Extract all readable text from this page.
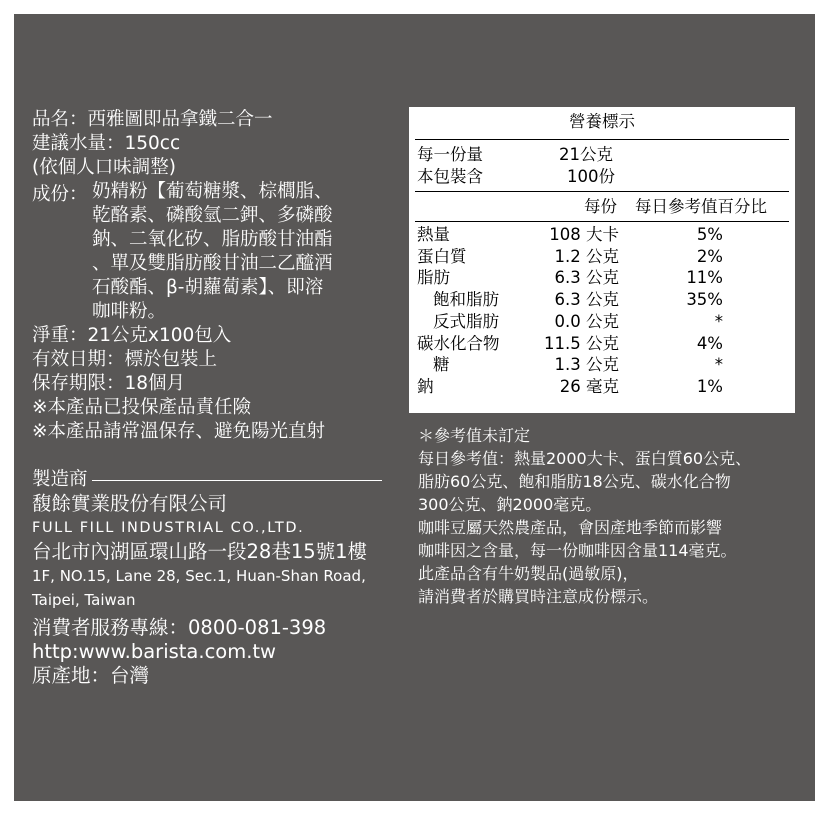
品名：西雅圖即品拿鐵二合一
建議水量：150cc
(依個人口味調整)
成份： 奶精粉【葡萄糖漿、棕櫚脂、
乾酪素、磷酸氫二鉀、多磷酸
鈉、二氧化矽、脂肪酸甘油酯
、單及雙脂肪酸甘油二乙醯酒
石酸酯、β-胡蘿蔔素】、即溶
咖啡粉。
淨重：21公克x100包入
有效日期：標於包裝上
保存期限：18個月
※本產品已投保產品責任險
※本產品請常溫保存、避免陽光直射
製造商
馥餘實業股份有限公司
FULL FILL INDUSTRIAL CO.,LTD.
台北市內湖區環山路一段28巷15號1樓
1F, NO.15, Lane 28, Sec.1, Huan-Shan Road,
Taipei, Taiwan
消費者服務專線：0800-081-398
http:www.barista.com.tw
原產地：台灣
營養標示
每一份量	21公克
本包裝含	100份
每份 每日參考值百分比
熱量	108 大卡	5%
蛋白質	1.2 公克	2%
脂肪	6.3 公克	11%
飽和脂肪	6.3 公克	35%
反式脂肪	0.0 公克	*
碳水化合物	11.5 公克	4%
糖	1.3 公克	*
鈉	26 毫克	1%
＊參考值未訂定
每日參考值：熱量2000大卡、蛋白質60公克、
脂肪60公克、飽和脂肪18公克、碳水化合物
300公克、鈉2000毫克。
咖啡豆屬天然農產品，會因產地季節而影響
咖啡因之含量，每一份咖啡因含量114毫克。
此產品含有牛奶製品(過敏原)，
請消費者於購買時注意成份標示。
